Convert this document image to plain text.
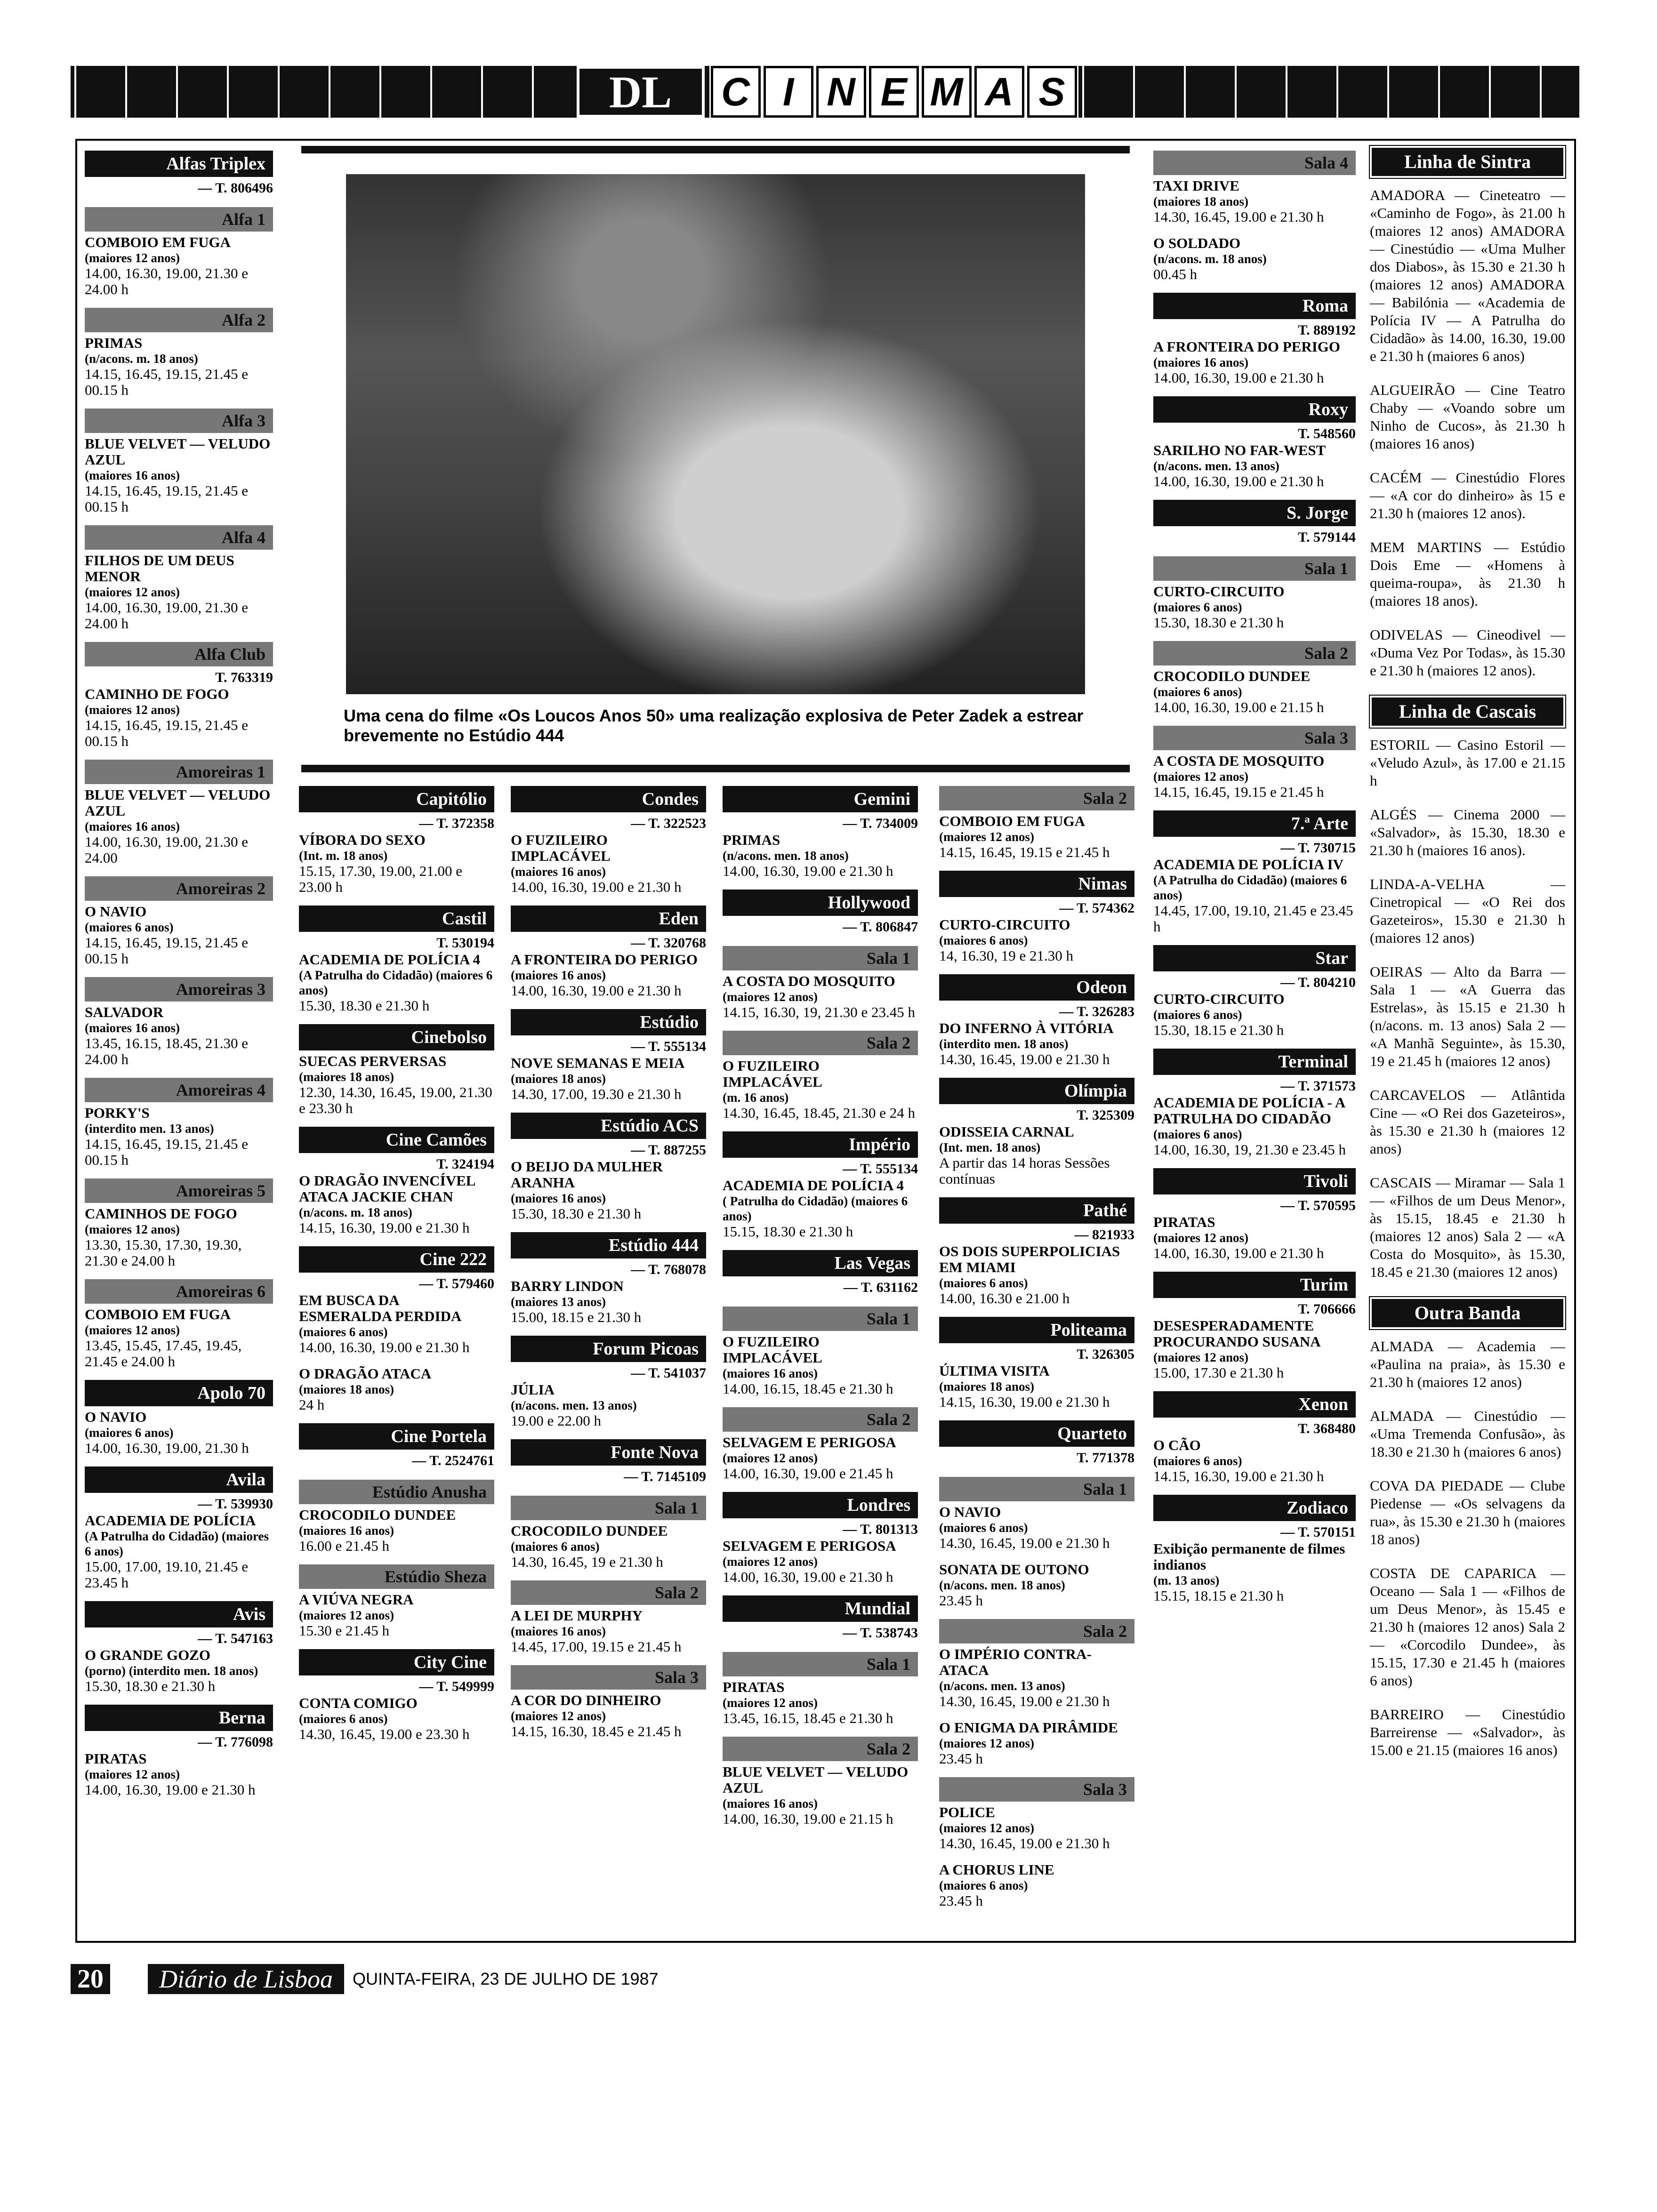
DL	C I N E M A S
Alfas Triplex
— T. 806496
Alfa 1
COMBOIO EM FUGA
(maiores 12 anos)
14.00, 16.30, 19.00, 21.30 e 24.00 h
Alfa 2
PRIMAS
(n/acons. m. 18 anos)
14.15, 16.45, 19.15, 21.45 e 00.15 h
Alfa 3
BLUE VELVET — VELUDO AZUL
(maiores 16 anos)
14.15, 16.45, 19.15, 21.45 e 00.15 h
Alfa 4
FILHOS DE UM DEUS MENOR
(maiores 12 anos)
14.00, 16.30, 19.00, 21.30 e 24.00 h
Alfa Club
T. 763319
CAMINHO DE FOGO
(maiores 12 anos)
14.15, 16.45, 19.15, 21.45 e 00.15 h
Amoreiras 1
BLUE VELVET — VELUDO AZUL
(maiores 16 anos)
14.00, 16.30, 19.00, 21.30 e 24.00
Amoreiras 2
O NAVIO
(maiores 6 anos)
14.15, 16.45, 19.15, 21.45 e 00.15 h
Amoreiras 3
SALVADOR
(maiores 16 anos)
13.45, 16.15, 18.45, 21.30 e 24.00 h
Amoreiras 4
PORKY'S
(interdito men. 13 anos)
14.15, 16.45, 19.15, 21.45 e 00.15 h
Amoreiras 5
CAMINHOS DE FOGO
(maiores 12 anos)
13.30, 15.30, 17.30, 19.30, 21.30 e 24.00 h
Amoreiras 6
COMBOIO EM FUGA
(maiores 12 anos)
13.45, 15.45, 17.45, 19.45, 21.45 e 24.00 h
Apolo 70
O NAVIO
(maiores 6 anos)
14.00, 16.30, 19.00, 21.30 h
Avila
— T. 539930
ACADEMIA DE POLÍCIA
(A Patrulha do Cidadão) (maiores 6 anos)
15.00, 17.00, 19.10, 21.45 e 23.45 h
Avis
— T. 547163
O GRANDE GOZO
(porno) (interdito men. 18 anos)
15.30, 18.30 e 21.30 h
Berna
— T. 776098
PIRATAS
(maiores 12 anos)
14.00, 16.30, 19.00 e 21.30 h
Uma cena do filme «Os Loucos Anos 50» uma realização explosiva de Peter Zadek a estrear brevemente no Estúdio 444
Capitólio
— T. 372358
VÍBORA DO SEXO
(Int. m. 18 anos)
15.15, 17.30, 19.00, 21.00 e 23.00 h
Castil
T. 530194
ACADEMIA DE POLÍCIA 4
(A Patrulha do Cidadão) (maiores 6 anos)
15.30, 18.30 e 21.30 h
Cinebolso
SUECAS PERVERSAS
(maiores 18 anos)
12.30, 14.30, 16.45, 19.00, 21.30 e 23.30 h
Cine Camões
T. 324194
O DRAGÃO INVENCÍVEL ATACA JACKIE CHAN
(n/acons. m. 18 anos)
14.15, 16.30, 19.00 e 21.30 h
Cine 222
— T. 579460
EM BUSCA DA ESMERALDA PERDIDA
(maiores 6 anos)
14.00, 16.30, 19.00 e 21.30 h
O DRAGÃO ATACA
(maiores 18 anos)
24 h
Cine Portela
— T. 2524761
Estúdio Anusha
CROCODILO DUNDEE
(maiores 16 anos)
16.00 e 21.45 h
Estúdio Sheza
A VIÚVA NEGRA
(maiores 12 anos)
15.30 e 21.45 h
City Cine
— T. 549999
CONTA COMIGO
(maiores 6 anos)
14.30, 16.45, 19.00 e 23.30 h
Condes
— T. 322523
O FUZILEIRO IMPLACÁVEL
(maiores 16 anos)
14.00, 16.30, 19.00 e 21.30 h
Eden
— T. 320768
A FRONTEIRA DO PERIGO
(maiores 16 anos)
14.00, 16.30, 19.00 e 21.30 h
Estúdio
— T. 555134
NOVE SEMANAS E MEIA
(maiores 18 anos)
14.30, 17.00, 19.30 e 21.30 h
Estúdio ACS
— T. 887255
O BEIJO DA MULHER ARANHA
(maiores 16 anos)
15.30, 18.30 e 21.30 h
Estúdio 444
— T. 768078
BARRY LINDON
(maiores 13 anos)
15.00, 18.15 e 21.30 h
Forum Picoas
— T. 541037
JÚLIA
(n/acons. men. 13 anos)
19.00 e 22.00 h
Fonte Nova
— T. 7145109
Sala 1
CROCODILO DUNDEE
(maiores 6 anos)
14.30, 16.45, 19 e 21.30 h
Sala 2
A LEI DE MURPHY
(maiores 16 anos)
14.45, 17.00, 19.15 e 21.45 h
Sala 3
A COR DO DINHEIRO
(maiores 12 anos)
14.15, 16.30, 18.45 e 21.45 h
Gemini
— T. 734009
PRIMAS
(n/acons. men. 18 anos)
14.00, 16.30, 19.00 e 21.30 h
Hollywood
— T. 806847
Sala 1
A COSTA DO MOSQUITO
(maiores 12 anos)
14.15, 16.30, 19, 21.30 e 23.45 h
Sala 2
O FUZILEIRO IMPLACÁVEL
(m. 16 anos)
14.30, 16.45, 18.45, 21.30 e 24 h
Império
— T. 555134
ACADEMIA DE POLÍCIA 4
( Patrulha do Cidadão) (maiores 6 anos)
15.15, 18.30 e 21.30 h
Las Vegas
— T. 631162
Sala 1
O FUZILEIRO IMPLACÁVEL
(maiores 16 anos)
14.00, 16.15, 18.45 e 21.30 h
Sala 2
SELVAGEM E PERIGOSA
(maiores 12 anos)
14.00, 16.30, 19.00 e 21.45 h
Londres
— T. 801313
SELVAGEM E PERIGOSA
(maiores 12 anos)
14.00, 16.30, 19.00 e 21.30 h
Mundial
— T. 538743
Sala 1
PIRATAS
(maiores 12 anos)
13.45, 16.15, 18.45 e 21.30 h
Sala 2
BLUE VELVET — VELUDO AZUL
(maiores 16 anos)
14.00, 16.30, 19.00 e 21.15 h
Sala 2
COMBOIO EM FUGA
(maiores 12 anos)
14.15, 16.45, 19.15 e 21.45 h
Nimas
— T. 574362
CURTO-CIRCUITO
(maiores 6 anos)
14, 16.30, 19 e 21.30 h
Odeon
— T. 326283
DO INFERNO À VITÓRIA
(interdito men. 18 anos)
14.30, 16.45, 19.00 e 21.30 h
Olímpia
T. 325309
ODISSEIA CARNAL
(Int. men. 18 anos)
A partir das 14 horas Sessões contínuas
Pathé
— 821933
OS DOIS SUPERPOLICIAS EM MIAMI
(maiores 6 anos)
14.00, 16.30 e 21.00 h
Politeama
T. 326305
ÚLTIMA VISITA
(maiores 18 anos)
14.15, 16.30, 19.00 e 21.30 h
Quarteto
T. 771378
Sala 1
O NAVIO
(maiores 6 anos)
14.30, 16.45, 19.00 e 21.30 h
SONATA DE OUTONO
(n/acons. men. 18 anos)
23.45 h
Sala 2
O IMPÉRIO CONTRA-ATACA
(n/acons. men. 13 anos)
14.30, 16.45, 19.00 e 21.30 h
O ENIGMA DA PIRÂMIDE
(maiores 12 anos)
23.45 h
Sala 3
POLICE
(maiores 12 anos)
14.30, 16.45, 19.00 e 21.30 h
A CHORUS LINE
(maiores 6 anos)
23.45 h
Sala 4
TAXI DRIVE
(maiores 18 anos)
14.30, 16.45, 19.00 e 21.30 h
O SOLDADO
(n/acons. m. 18 anos)
00.45 h
Roma
T. 889192
A FRONTEIRA DO PERIGO
(maiores 16 anos)
14.00, 16.30, 19.00 e 21.30 h
Roxy
T. 548560
SARILHO NO FAR-WEST
(n/acons. men. 13 anos)
14.00, 16.30, 19.00 e 21.30 h
S. Jorge
T. 579144
Sala 1
CURTO-CIRCUITO
(maiores 6 anos)
15.30, 18.30 e 21.30 h
Sala 2
CROCODILO DUNDEE
(maiores 6 anos)
14.00, 16.30, 19.00 e 21.15 h
Sala 3
A COSTA DE MOSQUITO
(maiores 12 anos)
14.15, 16.45, 19.15 e 21.45 h
7.ª Arte
— T. 730715
ACADEMIA DE POLÍCIA IV
(A Patrulha do Cidadão) (maiores 6 anos)
14.45, 17.00, 19.10, 21.45 e 23.45 h
Star
— T. 804210
CURTO-CIRCUITO
(maiores 6 anos)
15.30, 18.15 e 21.30 h
Terminal
— T. 371573
ACADEMIA DE POLÍCIA - A PATRULHA DO CIDADÃO
(maiores 6 anos)
14.00, 16.30, 19, 21.30 e 23.45 h
Tivoli
— T. 570595
PIRATAS
(maiores 12 anos)
14.00, 16.30, 19.00 e 21.30 h
Turim
T. 706666
DESESPERADAMENTE PROCURANDO SUSANA
(maiores 12 anos)
15.00, 17.30 e 21.30 h
Xenon
T. 368480
O CÃO
(maiores 6 anos)
14.15, 16.30, 19.00 e 21.30 h
Zodiaco
— T. 570151
Exibição permanente de filmes indianos
(m. 13 anos)
15.15, 18.15 e 21.30 h
Linha de Sintra
AMADORA — Cineteatro — «Caminho de Fogo», às 21.00 h (maiores 12 anos) AMADORA — Cinestúdio — «Uma Mulher dos Diabos», às 15.30 e 21.30 h (maiores 12 anos) AMADORA — Babilónia — «Academia de Polícia IV — A Patrulha do Cidadão» às 14.00, 16.30, 19.00 e 21.30 h (maiores 6 anos)
ALGUEIRÃO — Cine Teatro Chaby — «Voando sobre um Ninho de Cucos», às 21.30 h (maiores 16 anos)
CACÉM — Cinestúdio Flores — «A cor do dinheiro» às 15 e 21.30 h (maiores 12 anos).
MEM MARTINS — Estúdio Dois Eme — «Homens à queima-roupa», às 21.30 h (maiores 18 anos).
ODIVELAS — Cineodivel — «Duma Vez Por Todas», às 15.30 e 21.30 h (maiores 12 anos).
Linha de Cascais
ESTORIL — Casino Estoril — «Veludo Azul», às 17.00 e 21.15 h
ALGÉS — Cinema 2000 — «Salvador», às 15.30, 18.30 e 21.30 h (maiores 16 anos).
LINDA-A-VELHA — Cinetropical — «O Rei dos Gazeteiros», 15.30 e 21.30 h (maiores 12 anos)
OEIRAS — Alto da Barra — Sala 1 — «A Guerra das Estrelas», às 15.15 e 21.30 h (n/acons. m. 13 anos) Sala 2 — «A Manhã Seguinte», às 15.30, 19 e 21.45 h (maiores 12 anos)
CARCAVELOS — Atlântida Cine — «O Rei dos Gazeteiros», às 15.30 e 21.30 h (maiores 12 anos)
CASCAIS — Miramar — Sala 1 — «Filhos de um Deus Menor», às 15.15, 18.45 e 21.30 h (maiores 12 anos) Sala 2 — «A Costa do Mosquito», às 15.30, 18.45 e 21.30 (maiores 12 anos)
Outra Banda
ALMADA — Academia — «Paulina na praia», às 15.30 e 21.30 h (maiores 12 anos)
ALMADA — Cinestúdio — «Uma Tremenda Confusão», às 18.30 e 21.30 h (maiores 6 anos)
COVA DA PIEDADE — Clube Piedense — «Os selvagens da rua», às 15.30 e 21.30 h (maiores 18 anos)
COSTA DE CAPARICA — Oceano — Sala 1 — «Filhos de um Deus Menor», às 15.45 e 21.30 h (maiores 12 anos) Sala 2 — «Corcodilo Dundee», às 15.15, 17.30 e 21.45 h (maiores 6 anos)
BARREIRO — Cinestúdio Barreirense — «Salvador», às 15.00 e 21.15 (maiores 16 anos)
20	Diário de Lisboa	QUINTA-FEIRA, 23 DE JULHO DE 1987
